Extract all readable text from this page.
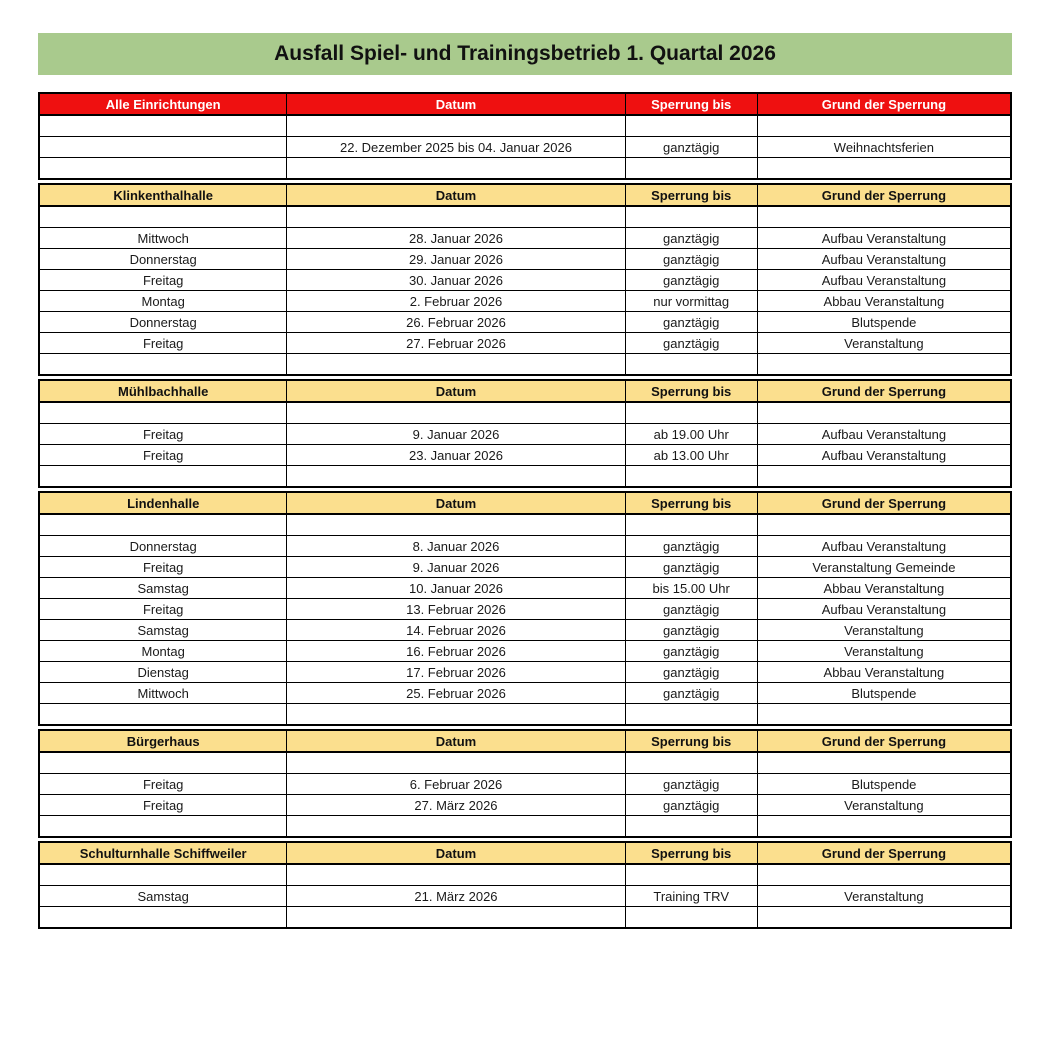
Ausfall Spiel- und Trainingsbetrieb 1. Quartal 2026
Alle Einrichtungen	Datum	Sperrung bis	Grund der Sperrung

	22. Dezember 2025 bis 04. Januar 2026	ganztägig	Weihnachtsferien

Klinkenthalhalle	Datum	Sperrung bis	Grund der Sperrung

Mittwoch	28. Januar 2026	ganztägig	Aufbau Veranstaltung
Donnerstag	29. Januar 2026	ganztägig	Aufbau Veranstaltung
Freitag	30. Januar 2026	ganztägig	Aufbau Veranstaltung
Montag	2. Februar 2026	nur vormittag	Abbau Veranstaltung
Donnerstag	26. Februar 2026	ganztägig	Blutspende
Freitag	27. Februar 2026	ganztägig	Veranstaltung

Mühlbachhalle	Datum	Sperrung bis	Grund der Sperrung

Freitag	9. Januar 2026	ab 19.00 Uhr	Aufbau Veranstaltung
Freitag	23. Januar 2026	ab 13.00 Uhr	Aufbau Veranstaltung

Lindenhalle	Datum	Sperrung bis	Grund der Sperrung

Donnerstag	8. Januar 2026	ganztägig	Aufbau Veranstaltung
Freitag	9. Januar 2026	ganztägig	Veranstaltung Gemeinde
Samstag	10. Januar 2026	bis 15.00 Uhr	Abbau Veranstaltung
Freitag	13. Februar 2026	ganztägig	Aufbau Veranstaltung
Samstag	14. Februar 2026	ganztägig	Veranstaltung
Montag	16. Februar 2026	ganztägig	Veranstaltung
Dienstag	17. Februar 2026	ganztägig	Abbau Veranstaltung
Mittwoch	25. Februar 2026	ganztägig	Blutspende

Bürgerhaus	Datum	Sperrung bis	Grund der Sperrung

Freitag	6. Februar 2026	ganztägig	Blutspende
Freitag	27. März 2026	ganztägig	Veranstaltung

Schulturnhalle Schiffweiler	Datum	Sperrung bis	Grund der Sperrung

Samstag	21. März 2026	Training TRV	Veranstaltung
